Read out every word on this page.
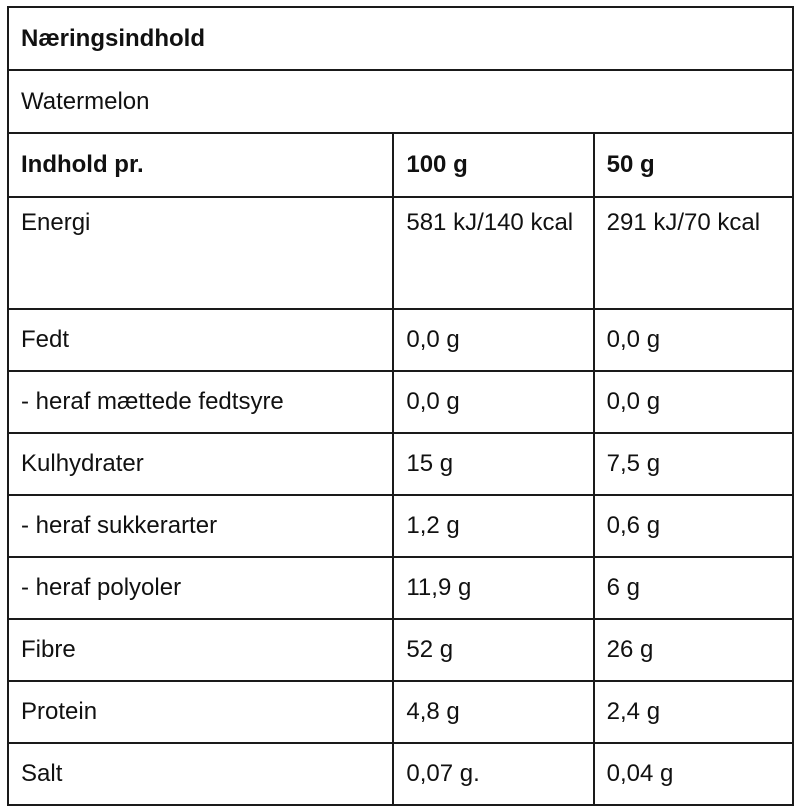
Næringsindhold		
Watermelon		
Indhold pr.	100 g	50 g
Energi	581 kJ/140 kcal	291 kJ/70 kcal
Fedt	0,0 g	0,0 g
- heraf mættede fedtsyre	0,0 g	0,0 g
Kulhydrater	15 g	7,5 g
- heraf sukkerarter	1,2 g	0,6 g
- heraf polyoler	11,9 g	6 g
Fibre	52 g	26 g
Protein	4,8 g	2,4 g
Salt	0,07 g.	0,04 g
